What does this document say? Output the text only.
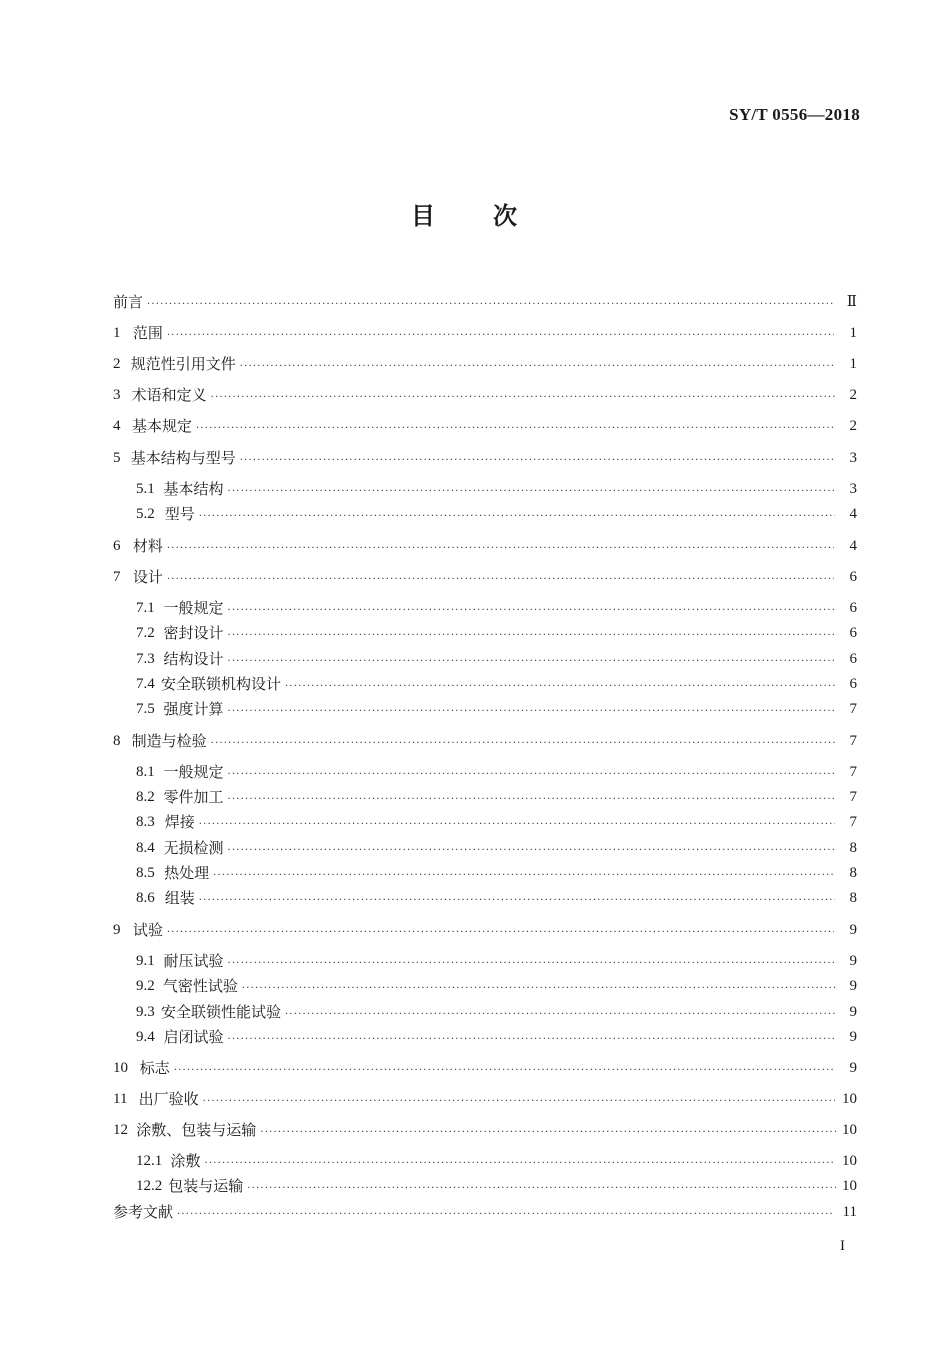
SY/T 0556—2018
目次
前言 ·····	Ⅱ
1 范围 ·····	1
2 规范性引用文件 ·····	1
3 术语和定义 ·····	2
4 基本规定 ·····	2
5 基本结构与型号 ·····	3
5.1 基本结构 ·····	3
5.2 型号 ·····	4
6 材料 ·····	4
7 设计 ·····	6
7.1 一般规定 ·····	6
7.2 密封设计 ·····	6
7.3 结构设计 ·····	6
7.4 安全联锁机构设计 ·····	6
7.5 强度计算 ·····	7
8 制造与检验 ·····	7
8.1 一般规定 ·····	7
8.2 零件加工 ·····	7
8.3 焊接 ·····	7
8.4 无损检测 ·····	8
8.5 热处理 ·····	8
8.6 组装 ·····	8
9 试验 ·····	9
9.1 耐压试验 ·····	9
9.2 气密性试验 ·····	9
9.3 安全联锁性能试验 ·····	9
9.4 启闭试验 ·····	9
10 标志 ·····	9
11 出厂验收 ·····	10
12 涂敷、包装与运输 ·····	10
12.1 涂敷 ·····	10
12.2 包装与运输 ·····	10
参考文献 ·····	11
I
